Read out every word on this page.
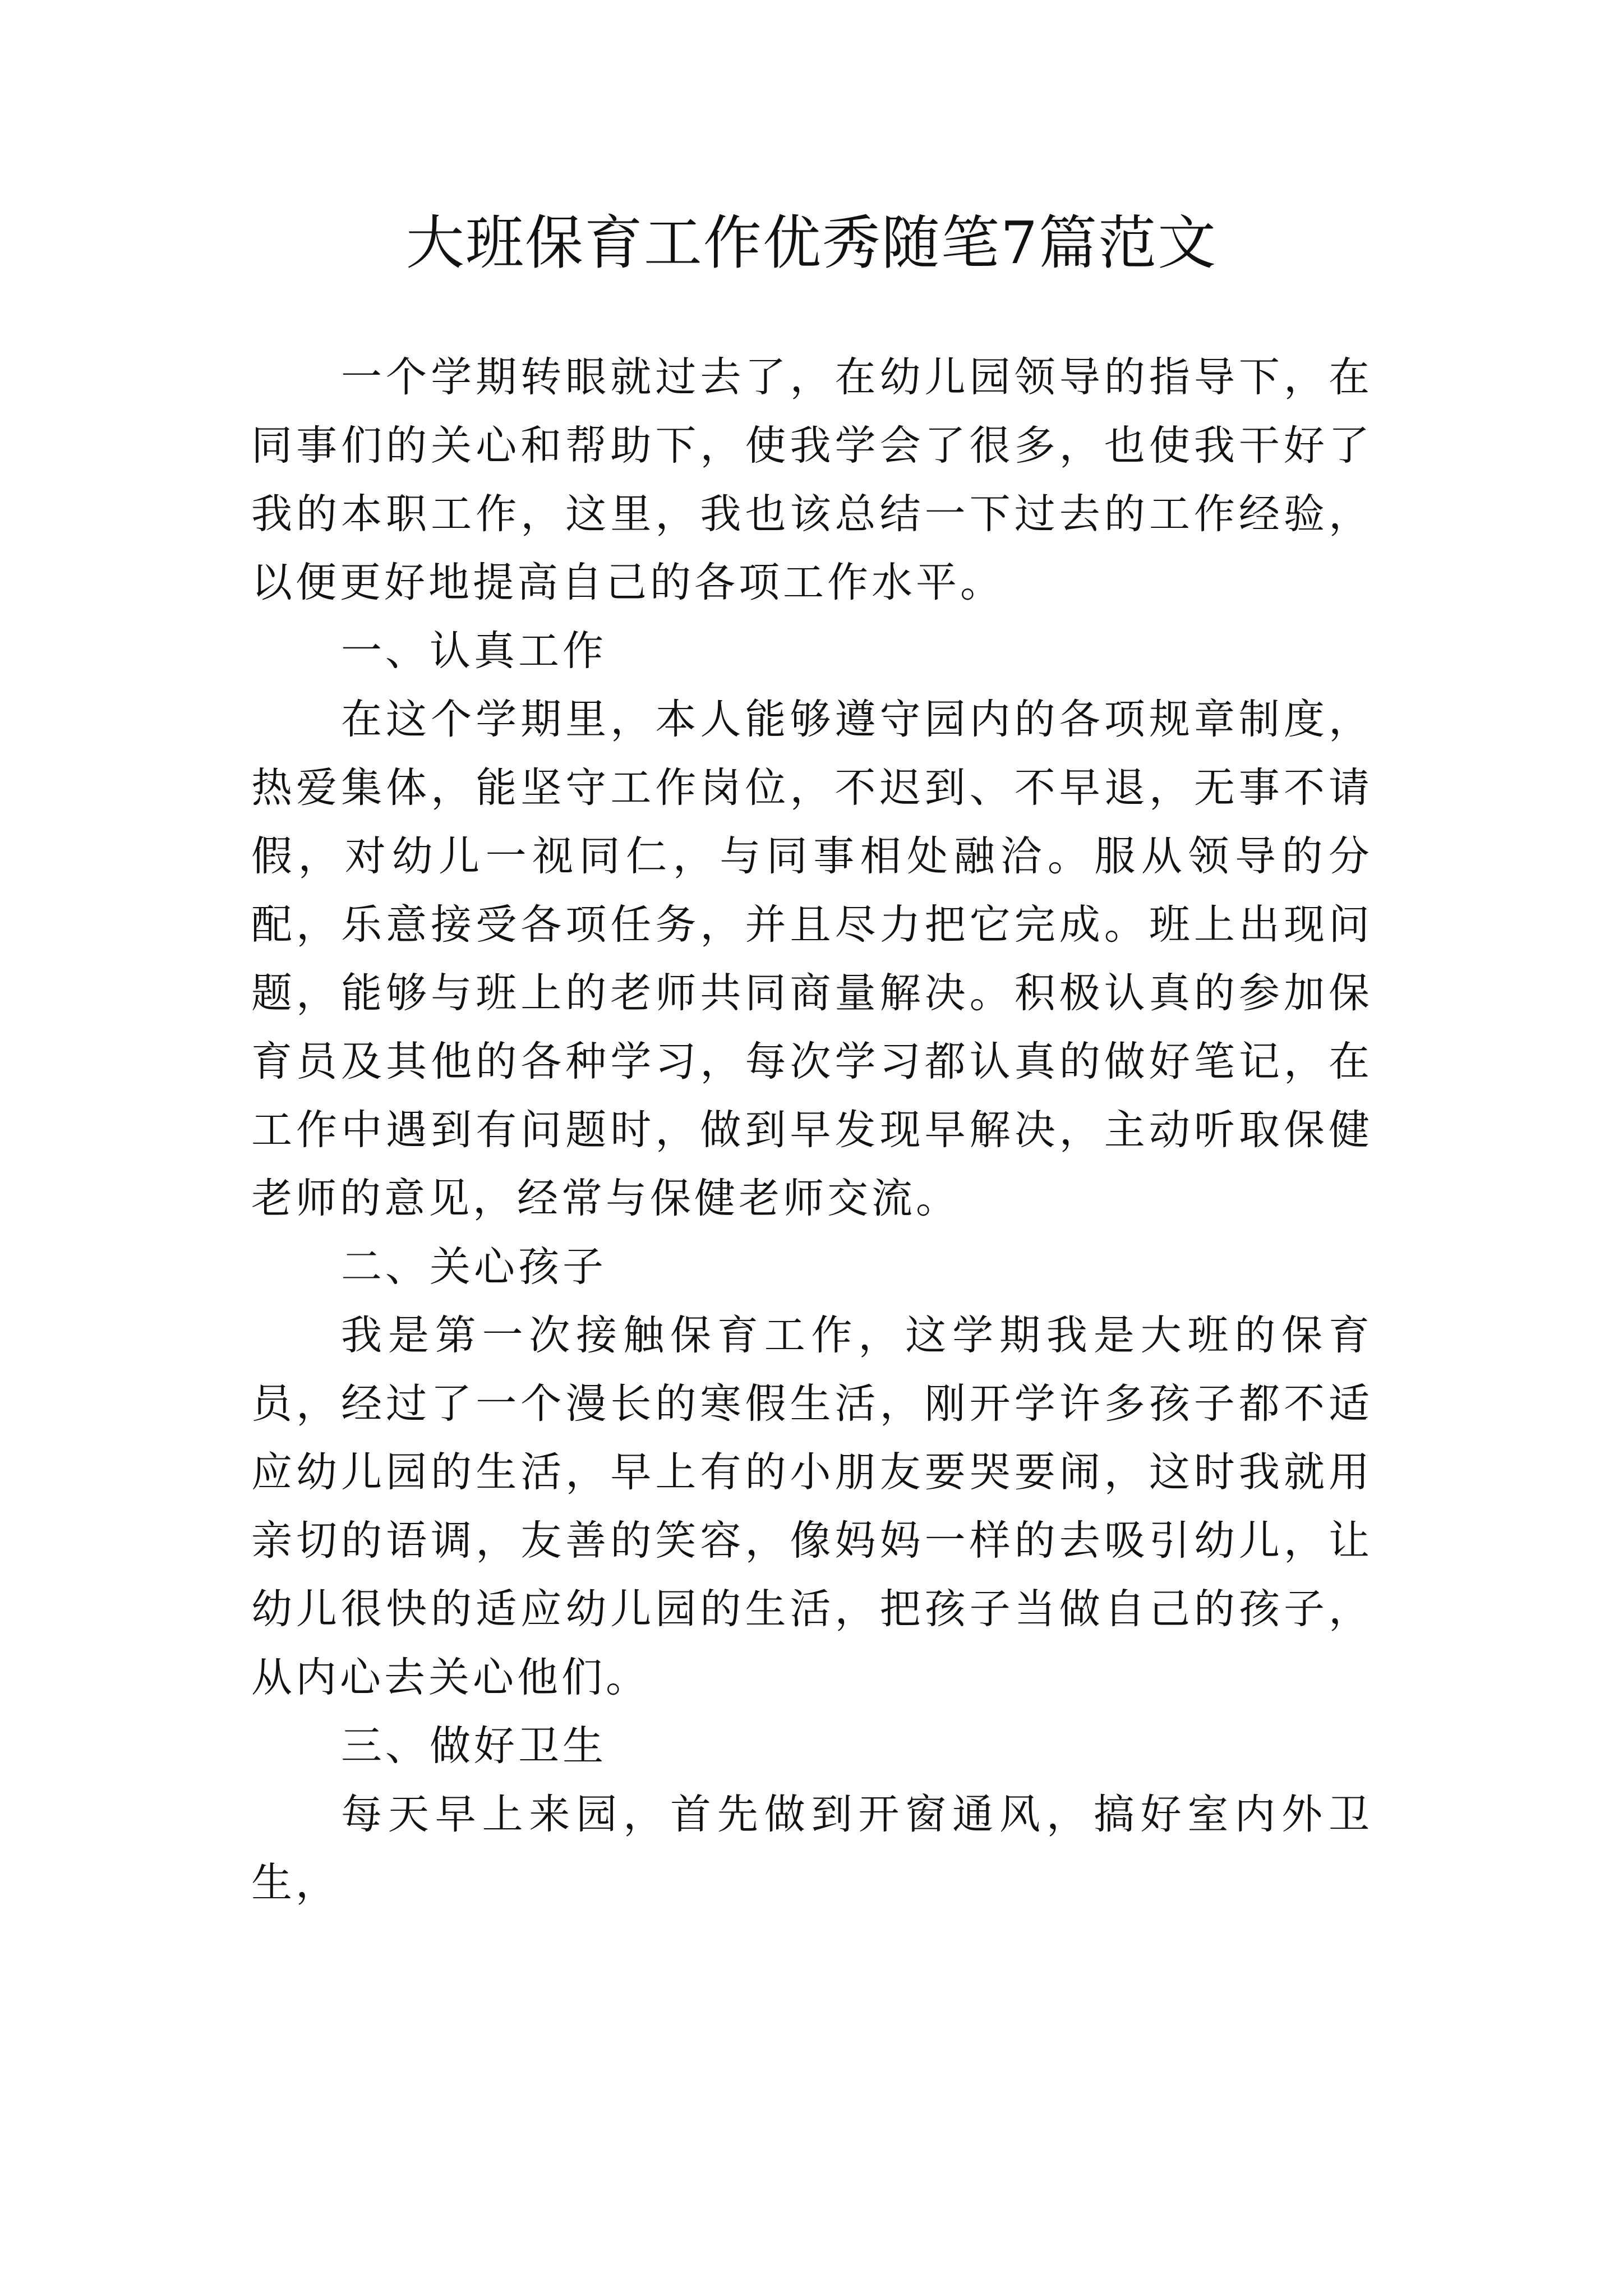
大班保育工作优秀随笔7篇范文

一个学期转眼就过去了，在幼儿园领导的指导下，在同事们的关心和帮助下，使我学会了很多，也使我干好了我的本职工作，这里，我也该总结一下过去的工作经验，以便更好地提高自己的各项工作水平。

一、认真工作

在这个学期里，本人能够遵守园内的各项规章制度，热爱集体，能坚守工作岗位，不迟到、不早退，无事不请假，对幼儿一视同仁，与同事相处融洽。服从领导的分配，乐意接受各项任务，并且尽力把它完成。班上出现问题，能够与班上的老师共同商量解决。积极认真的参加保育员及其他的各种学习，每次学习都认真的做好笔记，在工作中遇到有问题时，做到早发现早解决，主动听取保健老师的意见，经常与保健老师交流。

二、关心孩子

我是第一次接触保育工作，这学期我是大班的保育员，经过了一个漫长的寒假生活，刚开学许多孩子都不适应幼儿园的生活，早上有的小朋友要哭要闹，这时我就用亲切的语调，友善的笑容，像妈妈一样的去吸引幼儿，让幼儿很快的适应幼儿园的生活，把孩子当做自己的孩子，从内心去关心他们。

三、做好卫生

每天早上来园，首先做到开窗通风，搞好室内外卫生，
